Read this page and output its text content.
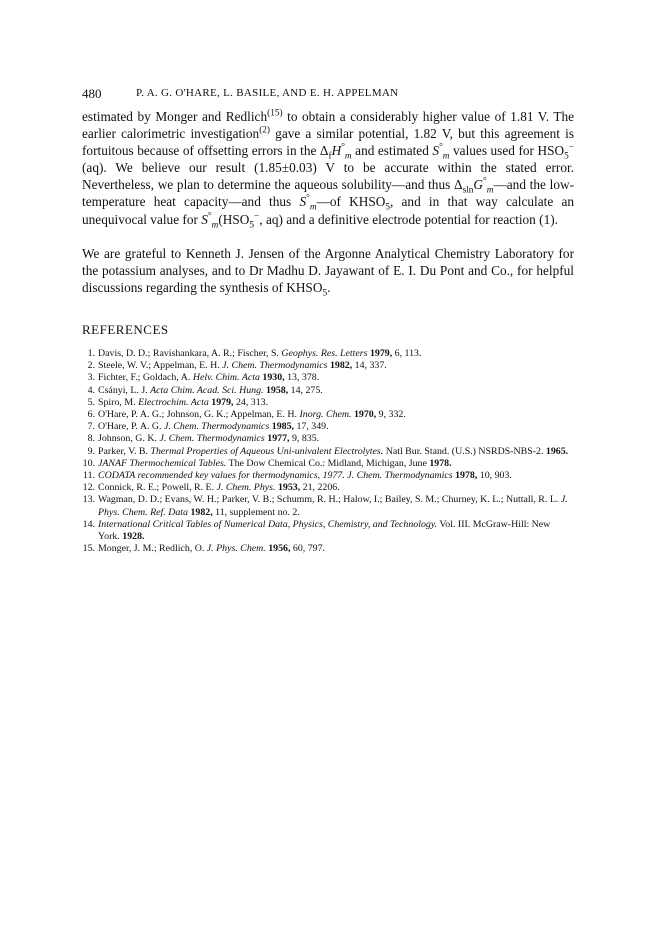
480	P. A. G. O'HARE, L. BASILE, AND E. H. APPELMAN

estimated by Monger and Redlich$^{(15)}$ to obtain a considerably higher value of 1.81 V. The earlier calorimetric investigation$^{(2)}$ gave a similar potential, 1.82 V, but this agreement is fortuitous because of offsetting errors in the $\Delta_fH^\circ_m$ and estimated $S^\circ_m$ values used for $HSO_5^-(aq)$. We believe our result (1.85±0.03) V to be accurate within the stated error. Nevertheless, we plan to determine the aqueous solubility—and thus $\Delta_{sln}G^\circ_m—and$ the low-temperature heat capacity—and thus $S^\circ_m—of$ $KHSO_5$, and in that way calculate an unequivocal value for $S^\circ_m(HSO_5^-$, aq) and a definitive electrode potential for reaction (1).

We are grateful to Kenneth J. Jensen of the Argonne Analytical Chemistry Laboratory for the potassium analyses, and to Dr Madhu D. Jayawant of E. I. Du Pont and Co., for helpful discussions regarding the synthesis of $KHSO_5$.

REFERENCES
1. Davis, D. D.; Ravishankara, A. R.; Fischer, S. Geophys. Res. Letters 1979, 6, 113.
2. Steele, W. V.; Appelman, E. H. J. Chem. Thermodynamics 1982, 14, 337.
3. Fichter, F.; Goldach, A. Helv. Chim. Acta 1930, 13, 378.
4. Csányi, L. J. Acta Chim. Acad. Sci. Hung. 1958, 14, 275.
5. Spiro, M. Electrochim. Acta 1979, 24, 313.
6. O'Hare, P. A. G.; Johnson, G. K.; Appelman, E. H. Inorg. Chem. 1970, 9, 332.
7. O'Hare, P. A. G. J. Chem. Thermodynamics 1985, 17, 349.
8. Johnson, G. K. J. Chem. Thermodynamics 1977, 9, 835.
9. Parker, V. B. Thermal Properties of Aqueous Uni-univalent Electrolytes. Natl Bur. Stand. (U.S.) NSRDS-NBS-2. 1965.
10. JANAF Thermochemical Tables. The Dow Chemical Co.: Midland, Michigan, June 1978.
11. CODATA recommended key values for thermodynamics, 1977. J. Chem. Thermodynamics 1978, 10, 903.
12. Connick, R. E.; Powell, R. E. J. Chem. Phys. 1953, 21, 2206.
13. Wagman, D. D.; Evans, W. H.; Parker, V. B.; Schumm, R. H.; Halow, I.; Bailey, S. M.; Churney, K. L.; Nuttall, R. L. J. Phys. Chem. Ref. Data 1982, 11, supplement no. 2.
14. International Critical Tables of Numerical Data, Physics, Chemistry, and Technology. Vol. III. McGraw-Hill: New York. 1928.
15. Monger, J. M.; Redlich, O. J. Phys. Chem. 1956, 60, 797.
